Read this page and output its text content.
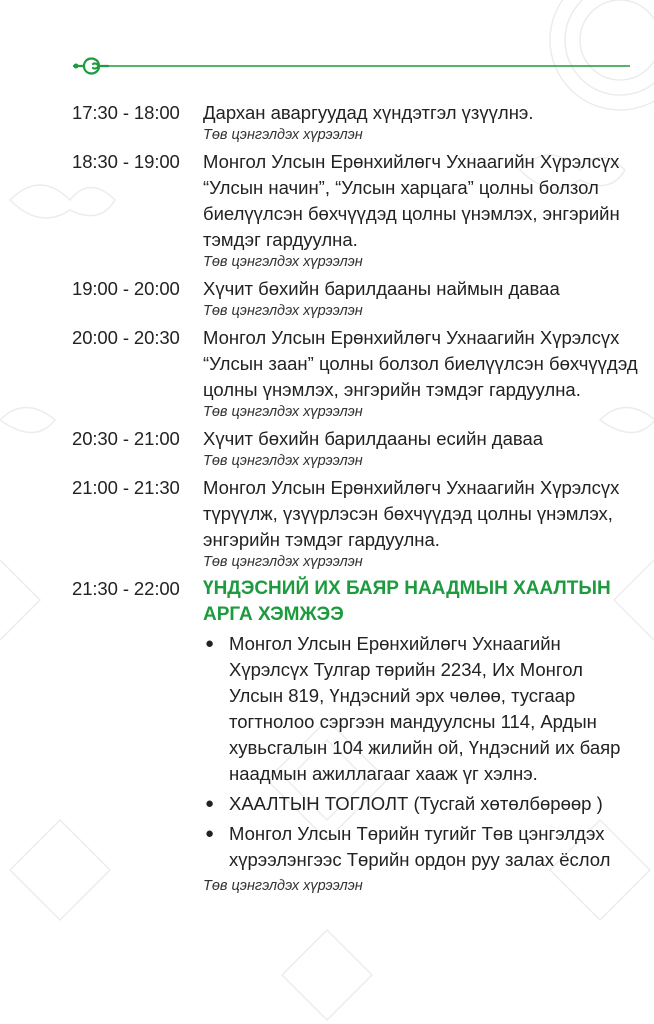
17:30 - 18:00	Дархан аваргуудад хүндэтгэл үзүүлнэ.
Төв цэнгэлдэх хүрээлэн
18:30 - 19:00	Монгол Улсын Ерөнхийлөгч Ухнаагийн Хүрэлсүх “Улсын начин”, “Улсын харцага” цолны болзол биелүүлсэн бөхчүүдэд цолны үнэмлэх, энгэрийн тэмдэг гардуулна.
Төв цэнгэлдэх хүрээлэн
19:00 - 20:00	Хүчит бөхийн барилдааны наймын даваа
Төв цэнгэлдэх хүрээлэн
20:00 - 20:30	Монгол Улсын Ерөнхийлөгч Ухнаагийн Хүрэлсүх “Улсын заан” цолны болзол биелүүлсэн бөхчүүдэд цолны үнэмлэх, энгэрийн тэмдэг гардуулна.
Төв цэнгэлдэх хүрээлэн
20:30 - 21:00	Хүчит бөхийн барилдааны есийн даваа
Төв цэнгэлдэх хүрээлэн
21:00 - 21:30	Монгол Улсын Ерөнхийлөгч Ухнаагийн Хүрэлсүх түрүүлж, үзүүрлэсэн бөхчүүдэд цолны үнэмлэх, энгэрийн тэмдэг гардуулна.
Төв цэнгэлдэх хүрээлэн
21:30 - 22:00	ҮНДЭСНИЙ ИХ БАЯР НААДМЫН ХААЛТЫН АРГА ХЭМЖЭЭ
● Монгол Улсын Ерөнхийлөгч Ухнаагийн Хүрэлсүх Тулгар төрийн 2234, Их Монгол Улсын 819, Үндэсний эрх чөлөө, тусгаар тогтнолоо сэргээн мандуулсны 114, Ардын хувьсгалын 104 жилийн ой, Үндэсний их баяр наадмын ажиллагааг хааж үг хэлнэ.
● ХААЛТЫН ТОГЛОЛТ (Тусгай хөтөлбөрөөр )
● Монгол Улсын Төрийн тугийг Төв цэнгэлдэх хүрээлэнгээс Төрийн ордон руу залах ёслол
Төв цэнгэлдэх хүрээлэн
